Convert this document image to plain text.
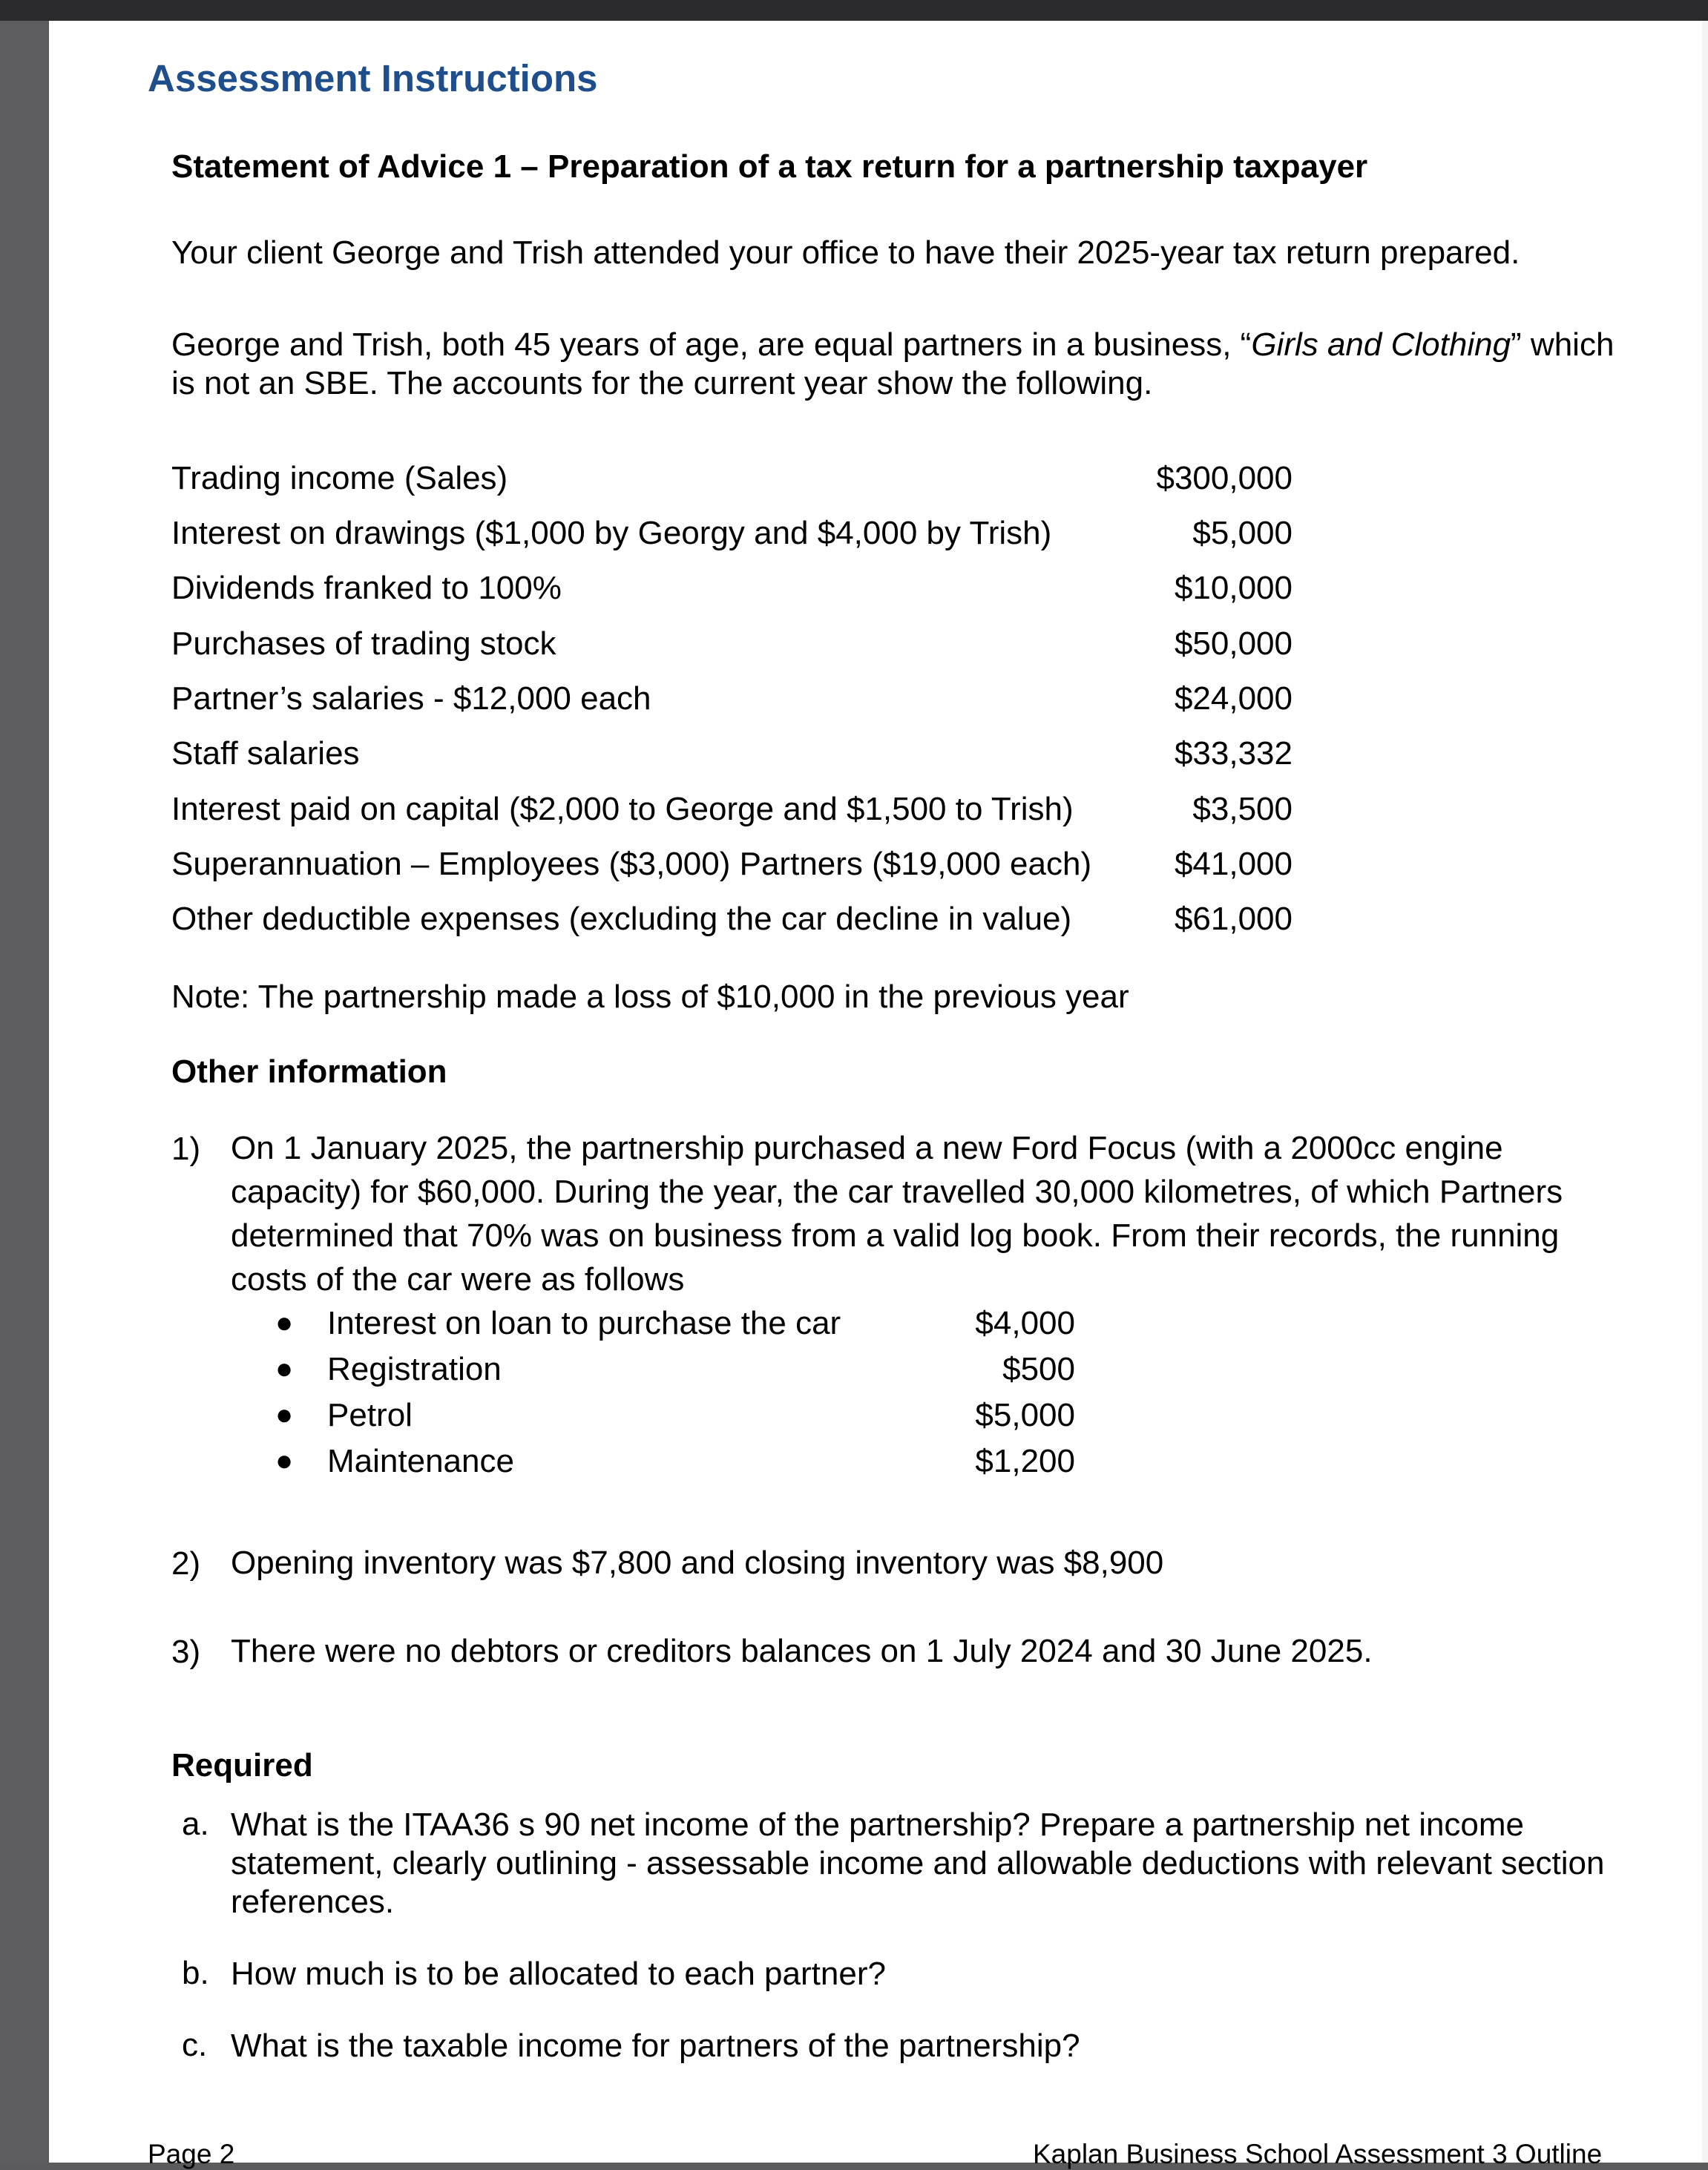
Assessment Instructions
Statement of Advice 1 – Preparation of a tax return for a partnership taxpayer
Your client George and Trish attended your office to have their 2025-year tax return prepared.
George and Trish, both 45 years of age, are equal partners in a business, “Girls and Clothing” which
is not an SBE. The accounts for the current year show the following.
Trading income (Sales)	$300,000
Interest on drawings ($1,000 by Georgy and $4,000 by Trish)	$5,000
Dividends franked to 100%	$10,000
Purchases of trading stock	$50,000
Partner’s salaries - $12,000 each	$24,000
Staff salaries	$33,332
Interest paid on capital ($2,000 to George and $1,500 to Trish)	$3,500
Superannuation – Employees ($3,000) Partners ($19,000 each)	$41,000
Other deductible expenses (excluding the car decline in value)	$61,000
Note: The partnership made a loss of $10,000 in the previous year
Other information
1) On 1 January 2025, the partnership purchased a new Ford Focus (with a 2000cc engine
capacity) for $60,000. During the year, the car travelled 30,000 kilometres, of which Partners
determined that 70% was on business from a valid log book. From their records, the running
costs of the car were as follows
● Interest on loan to purchase the car	$4,000
● Registration	$500
● Petrol	$5,000
● Maintenance	$1,200
2) Opening inventory was $7,800 and closing inventory was $8,900
3) There were no debtors or creditors balances on 1 July 2024 and 30 June 2025.
Required
a. What is the ITAA36 s 90 net income of the partnership? Prepare a partnership net income
statement, clearly outlining - assessable income and allowable deductions with relevant section
references.
b. How much is to be allocated to each partner?
c. What is the taxable income for partners of the partnership?
Page 2	Kaplan Business School Assessment 3 Outline
